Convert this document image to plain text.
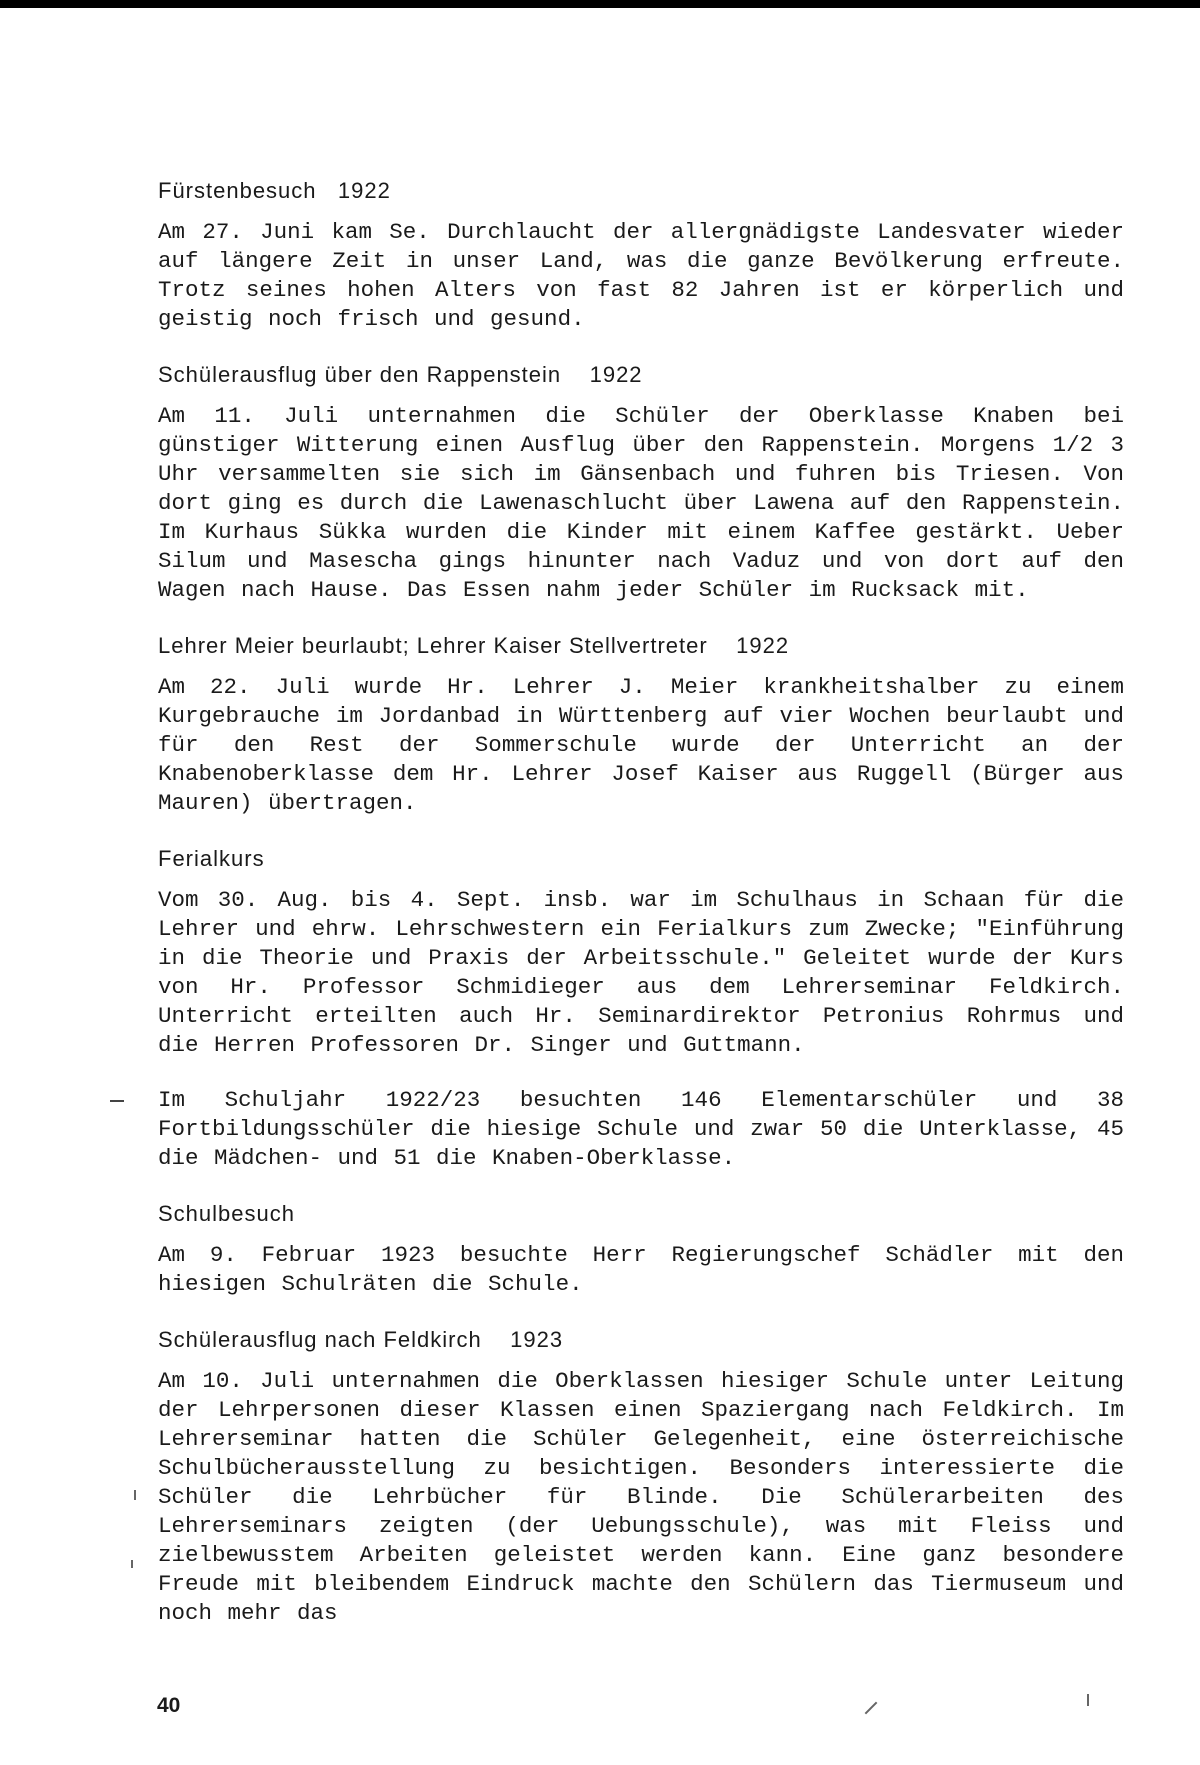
Fürstenbesuch   1922

Am 27. Juni kam Se. Durchlaucht der allergnädigste Landesvater wieder auf längere Zeit in unser Land, was die ganze Bevölkerung erfreute. Trotz seines hohen Alters von fast 82 Jahren ist er körperlich und geistig noch frisch und gesund.

Schülerausflug über den Rappenstein    1922

Am 11. Juli unternahmen die Schüler der Oberklasse Knaben bei günstiger Witterung einen Ausflug über den Rappenstein. Morgens 1/2 3 Uhr versammelten sie sich im Gänsenbach und fuhren bis Triesen. Von dort ging es durch die Lawenaschlucht über Lawena auf den Rappenstein. Im Kurhaus Sükka wurden die Kinder mit einem Kaffee gestärkt. Ueber Silum und Masescha gings hinunter nach Vaduz und von dort auf den Wagen nach Hause. Das Essen nahm jeder Schüler im Rucksack mit.

Lehrer Meier beurlaubt; Lehrer Kaiser Stellvertreter    1922

Am 22. Juli wurde Hr. Lehrer J. Meier krankheitshalber zu einem Kurgebrauche im Jordanbad in Württenberg auf vier Wochen beurlaubt und für den Rest der Sommerschule wurde der Unterricht an der Knabenoberklasse dem Hr. Lehrer Josef Kaiser aus Ruggell (Bürger aus Mauren) übertragen.

Ferialkurs

Vom 30. Aug. bis 4. Sept. insb. war im Schulhaus in Schaan für die Lehrer und ehrw. Lehrschwestern ein Ferialkurs zum Zwecke; "Einführung in die Theorie und Praxis der Arbeitsschule." Geleitet wurde der Kurs von Hr. Professor Schmidieger aus dem Lehrerseminar Feldkirch. Unterricht erteilten auch Hr. Seminardirektor Petronius Rohrmus und die Herren Professoren Dr. Singer und Guttmann.

Im Schuljahr 1922/23 besuchten 146 Elementarschüler und 38 Fortbildungsschüler die hiesige Schule und zwar 50 die Unterklasse, 45 die Mädchen- und 51 die Knaben-Oberklasse.

Schulbesuch

Am 9. Februar 1923 besuchte Herr Regierungschef Schädler mit den hiesigen Schulräten die Schule.

Schülerausflug nach Feldkirch    1923

Am 10. Juli unternahmen die Oberklassen hiesiger Schule unter Leitung der Lehrpersonen dieser Klassen einen Spaziergang nach Feldkirch. Im Lehrerseminar hatten die Schüler Gelegenheit, eine österreichische Schulbücherausstellung zu besichtigen. Besonders interessierte die Schüler die Lehrbücher für Blinde. Die Schülerarbeiten des Lehrerseminars zeigten (der Uebungsschule), was mit Fleiss und zielbewusstem Arbeiten geleistet werden kann. Eine ganz besondere Freude mit bleibendem Eindruck machte den Schülern das Tiermuseum und noch mehr das

40
